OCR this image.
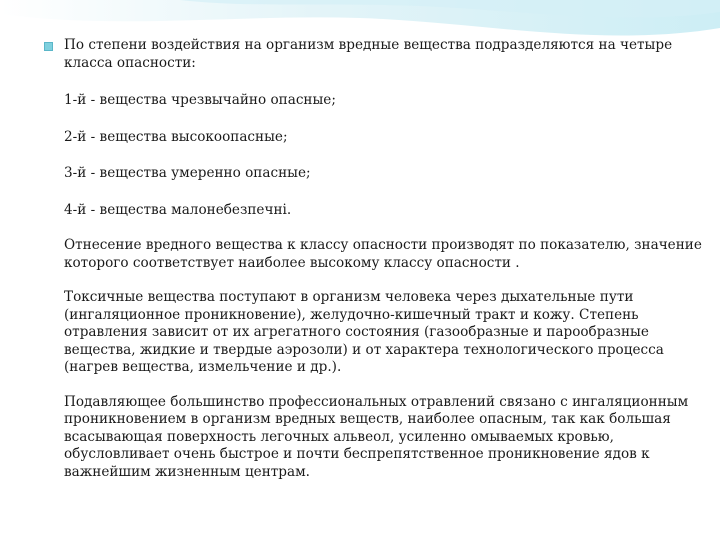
По степени воздействия на организм вредные вещества подразделяются на четыре класса опасности:

1-й - вещества чрезвычайно опасные;

2-й - вещества высокоопасные;

3-й - вещества умеренно опасные;

4-й - вещества малонебезпечні.

Отнесение вредного вещества к классу опасности производят по показателю, значение которого соответствует наиболее высокому классу опасности .

Токсичные вещества поступают в организм человека через дыхательные пути (ингаляционное проникновение), желудочно-кишечный тракт и кожу. Степень отравления зависит от их агрегатного состояния (газообразные и парообразные вещества, жидкие и твердые аэрозоли) и от характера технологического процесса (нагрев вещества, измельчение и др.).

Подавляющее большинство профессиональных отравлений связано с ингаляционным проникновением в организм вредных веществ, наиболее опасным, так как большая всасывающая поверхность легочных альвеол, усиленно омываемых кровью, обусловливает очень быстрое и почти беспрепятственное проникновение ядов к важнейшим жизненным центрам.
